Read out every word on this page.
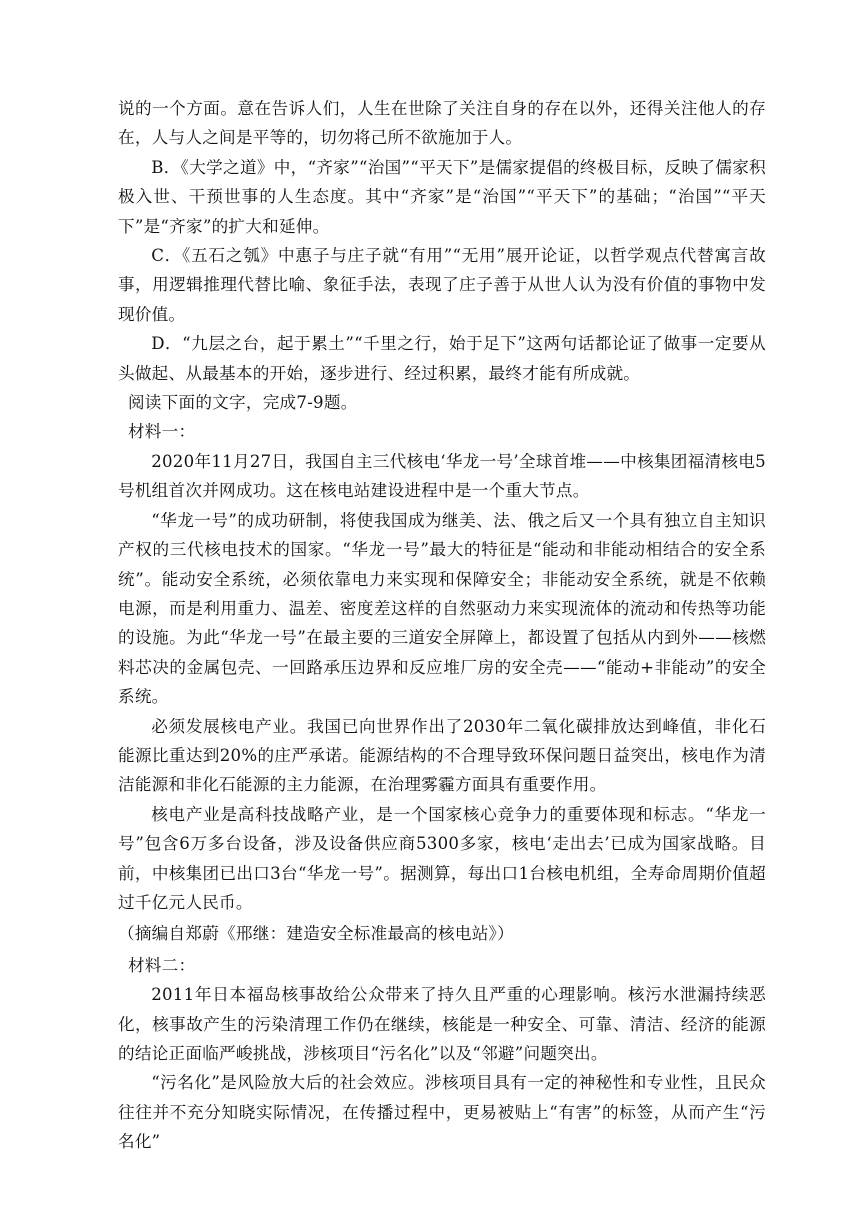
说的一个方面。意在告诉人们，人生在世除了关注自身的存在以外，还得关注他人的存在，人与人之间是平等的，切勿将己所不欲施加于人。

B．《大学之道》中，“齐家”“治国”“平天下”是儒家提倡的终极目标，反映了儒家积极入世、干预世事的人生态度。其中“齐家”是“治国”“平天下”的基础；“治国”“平天下”是“齐家”的扩大和延伸。

C．《五石之瓠》中惠子与庄子就“有用”“无用”展开论证，以哲学观点代替寓言故事，用逻辑推理代替比喻、象征手法，表现了庄子善于从世人认为没有价值的事物中发现价值。

D．“九层之台，起于累土”“千里之行，始于足下”这两句话都论证了做事一定要从头做起、从最基本的开始，逐步进行、经过积累，最终才能有所成就。

阅读下面的文字，完成7-9题。

材料一：

2020年11月27日，我国自主三代核电‘华龙一号’全球首堆——中核集团福清核电5号机组首次并网成功。这在核电站建设进程中是一个重大节点。

“华龙一号”的成功研制，将使我国成为继美、法、俄之后又一个具有独立自主知识产权的三代核电技术的国家。“华龙一号”最大的特征是“能动和非能动相结合的安全系统”。能动安全系统，必须依靠电力来实现和保障安全；非能动安全系统，就是不依赖电源，而是利用重力、温差、密度差这样的自然驱动力来实现流体的流动和传热等功能的设施。为此“华龙一号”在最主要的三道安全屏障上，都设置了包括从内到外——核燃料芯决的金属包壳、一回路承压边界和反应堆厂房的安全壳——“能动+非能动”的安全系统。

必须发展核电产业。我国已向世界作出了2030年二氧化碳排放达到峰值，非化石能源比重达到20%的庄严承诺。能源结构的不合理导致环保问题日益突出，核电作为清洁能源和非化石能源的主力能源，在治理雾霾方面具有重要作用。

核电产业是高科技战略产业，是一个国家核心竞争力的重要体现和标志。“华龙一号”包含6万多台设备，涉及设备供应商5300多家，核电‘走出去’已成为国家战略。目前，中核集团已出口3台“华龙一号”。据测算，每出口1台核电机组，全寿命周期价值超过千亿元人民币。

（摘编自郑蔚《邢继：建造安全标准最高的核电站》）

材料二：

2011年日本福岛核事故给公众带来了持久且严重的心理影响。核污水泄漏持续恶化，核事故产生的污染清理工作仍在继续，核能是一种安全、可靠、清洁、经济的能源的结论正面临严峻挑战，涉核项目“污名化”以及“邻避”问题突出。

“污名化”是风险放大后的社会效应。涉核项目具有一定的神秘性和专业性，且民众往往并不充分知晓实际情况，在传播过程中，更易被贴上“有害”的标签，从而产生“污名化”
